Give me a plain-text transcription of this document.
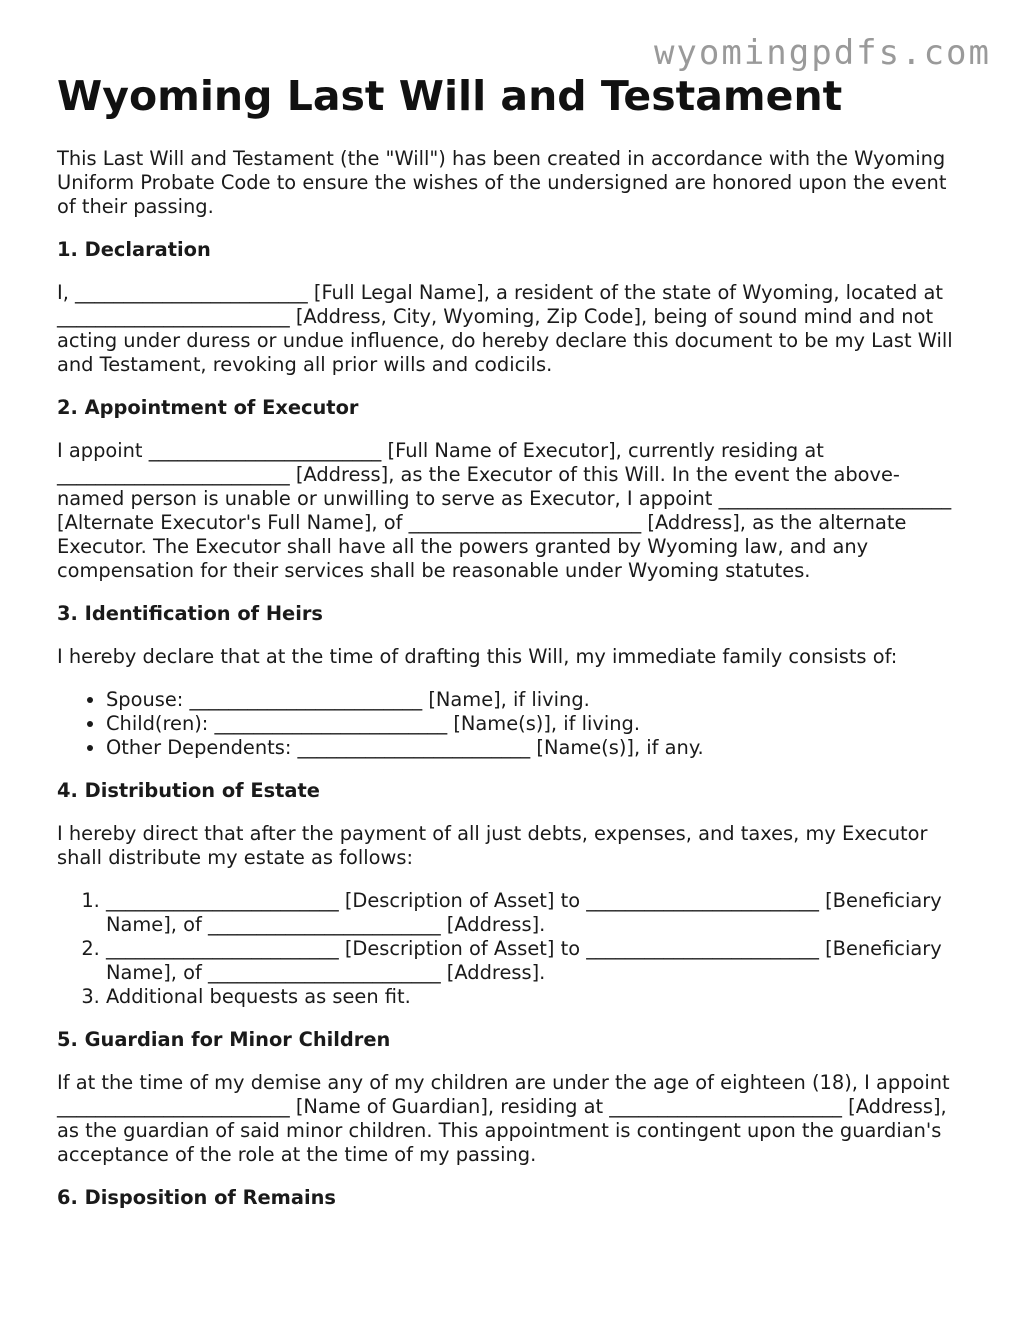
wyomingpdfs.com
Wyoming Last Will and Testament

This Last Will and Testament (the "Will") has been created in accordance with the Wyoming Uniform Probate Code to ensure the wishes of the undersigned are honored upon the event of their passing.

1. Declaration

I, ________________________ [Full Legal Name], a resident of the state of Wyoming, located at ________________________ [Address, City, Wyoming, Zip Code], being of sound mind and not acting under duress or undue influence, do hereby declare this document to be my Last Will and Testament, revoking all prior wills and codicils.

2. Appointment of Executor

I appoint ________________________ [Full Name of Executor], currently residing at ________________________ [Address], as the Executor of this Will. In the event the above-named person is unable or unwilling to serve as Executor, I appoint ________________________ [Alternate Executor's Full Name], of ________________________ [Address], as the alternate Executor. The Executor shall have all the powers granted by Wyoming law, and any compensation for their services shall be reasonable under Wyoming statutes.

3. Identification of Heirs

I hereby declare that at the time of drafting this Will, my immediate family consists of:

• Spouse: ________________________ [Name], if living.
• Child(ren): ________________________ [Name(s)], if living.
• Other Dependents: ________________________ [Name(s)], if any.
4. Distribution of Estate

I hereby direct that after the payment of all just debts, expenses, and taxes, my Executor shall distribute my estate as follows:

1. ________________________ [Description of Asset] to ________________________ [Beneficiary Name], of ________________________ [Address].
2. ________________________ [Description of Asset] to ________________________ [Beneficiary Name], of ________________________ [Address].
3. Additional bequests as seen fit.
5. Guardian for Minor Children

If at the time of my demise any of my children are under the age of eighteen (18), I appoint ________________________ [Name of Guardian], residing at ________________________ [Address], as the guardian of said minor children. This appointment is contingent upon the guardian's acceptance of the role at the time of my passing.

6. Disposition of Remains
